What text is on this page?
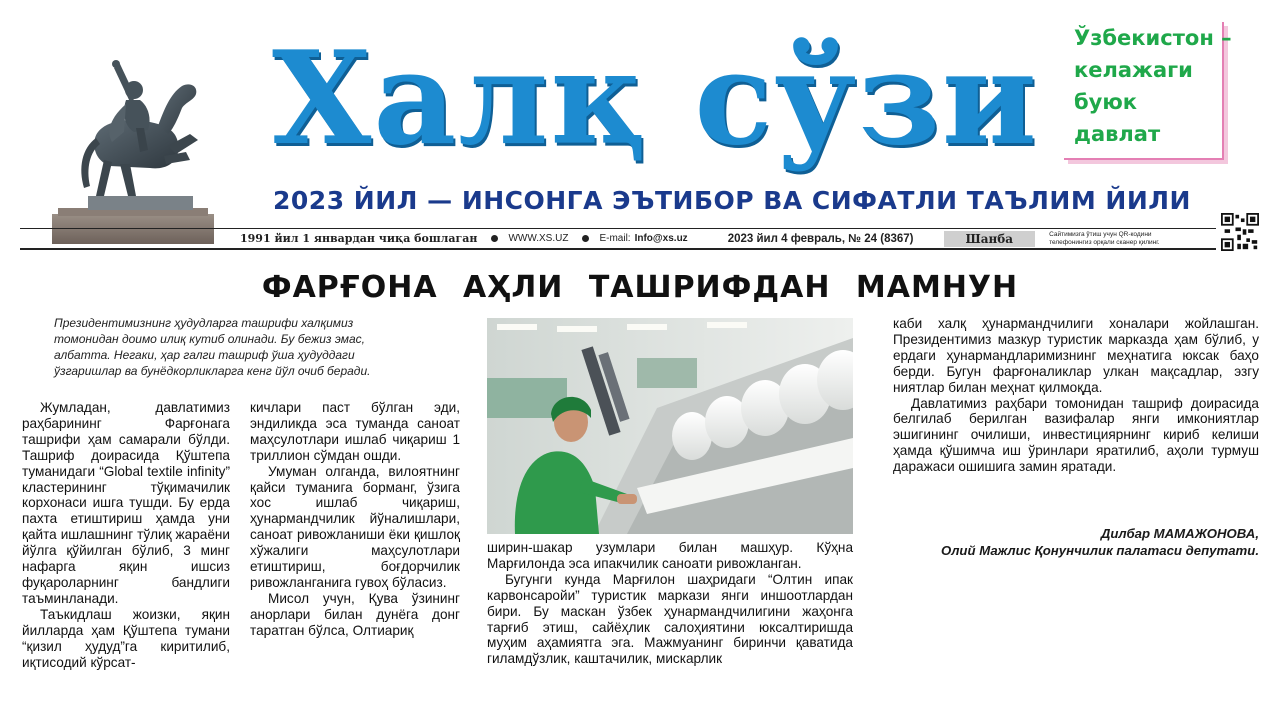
Халқ сўзи	Ўзбекистон –
келажаги
буюк
давлат
2023 ЙИЛ — ИНСОНГА ЭЪТИБОР ВА СИФАТЛИ ТАЪЛИМ ЙИЛИ
1991 йил 1 январдан чиқа бошлаган	WWW.XS.UZ	E-mail: Info@xs.uz	2023 йил 4 февраль, № 24 (8367)	Шанба	Сайтимизга ўтиш учун QR-кодини телефонингиз орқали сканер қилинг.
ФАРҒОНА АҲЛИ ТАШРИФДАН МАМНУН

Президентимизнинг ҳудудларга ташрифи халқимиз томонидан доимо илиқ кутиб олинади. Бу бежиз эмас, албатта. Негаки, ҳар галги ташриф ўша ҳудуддаги ўзгаришлар ва бунёдкорликларга кенг йўл очиб беради.

Жумладан, давлатимиз раҳбарининг Фарғонага ташрифи ҳам самарали бўлди. Ташриф доирасида Қўштепа туманидаги “Global textile infinity” кластерининг тўқимачилик корхонаси ишга тушди. Бу ерда пахта етиштириш ҳамда уни қайта ишлашнинг тўлиқ жараёни йўлга қўйилган бўлиб, 3 минг нафарга яқин ишсиз фуқароларнинг бандлиги таъминланади.

Таъкидлаш жоизки, яқин йилларда ҳам Қўштепа тумани “қизил ҳудуд”га киритилиб, иқтисодий кўрсат-

кичлари паст бўлган эди, эндиликда эса туманда саноат маҳсулотлари ишлаб чиқариш 1 триллион сўмдан ошди.

Умуман олганда, вилоятнинг қайси туманига борманг, ўзига хос ишлаб чиқариш, ҳунармандчилик йўналишлари, саноат ривожланиши ёки қишлоқ хўжалиги маҳсулотлари етиштириш, боғдорчилик ривожланганига гувоҳ бўласиз.

Мисол учун, Қува ўзининг анорлари билан дунёга донг таратган бўлса, Олтиариқ

ширин-шакар узумлари билан машҳур. Кўҳна Марғилонда эса ипакчилик саноати ривожланган.

Бугунги кунда Марғилон шаҳридаги “Олтин ипак карвонсаройи” туристик маркази янги иншоотлардан бири. Бу маскан ўзбек ҳунармандчилигини жаҳонга тарғиб этиш, сайёҳлик салоҳиятини юксалтиришда муҳим аҳамиятга эга. Мажмуанинг биринчи қаватида гиламдўзлик, каштачилик, мискарлик

каби халқ ҳунармандчилиги хоналари жойлашган. Президентимиз мазкур туристик марказда ҳам бўлиб, у ердаги ҳунармандларимизнинг меҳнатига юксак баҳо берди. Бугун фарғоналиклар улкан мақсадлар, эзгу ниятлар билан меҳнат қилмоқда.

Давлатимиз раҳбари томонидан ташриф доирасида белгилаб берилган вазифалар янги имкониятлар эшигининг очилиши, инвестициярнинг кириб келиши ҳамда қўшимча иш ўринлари яратилиб, аҳоли турмуш даражаси ошишига замин яратади.

Дилбар МАМАЖОНОВА,
Олий Мажлис Қонунчилик палатаси депутати.
